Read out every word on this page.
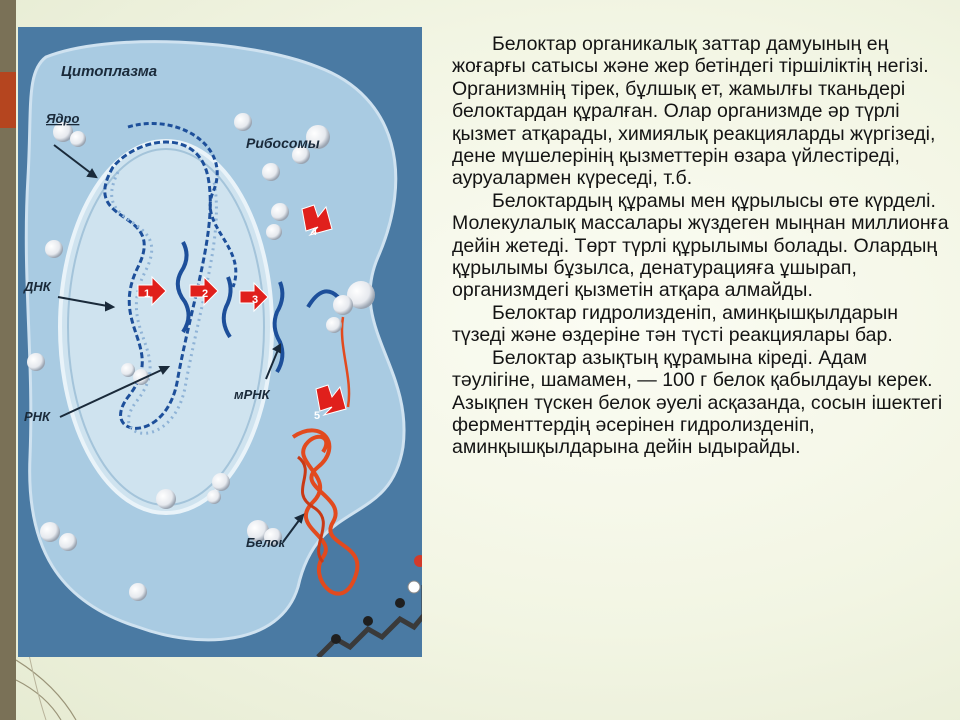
1	2	3
4
5
Цитоплазма
Ядро
Рибосомы
ДНК
РНК
мРНК
Белок

Белоктар органикалық заттар дамуының ең жоғарғы сатысы және жер бетіндегі тіршіліктің негізі. Организмнің тірек, бұлшық ет, жамылғы тканьдері белоктардан құралған. Олар организмде әр түрлі қызмет атқарады, химиялық реакцияларды жүргізеді, дене мүшелерінің қызметтерін өзара үйлестіреді, ауруалармен күреседі, т.б.

Белоктардың құрамы мен құрылысы өте күрделі. Молекулалық массалары жүздеген мыңнан миллионға дейін жетеді. Төрт түрлі құрылымы болады. Олардың құрылымы бұзылса, денатурацияға ұшырап, организмдегі қызметін атқара алмайды.

Белоктар гидролизденіп, аминқышқылдарын түзеді және өздеріне тән түсті реакциялары бар.

Белоктар азықтың құрамына кіреді. Адам тәулігіне, шамамен, — 100 г белок қабылдауы керек. Азықпен түскен белок әуелі асқазанда, сосын ішектегі ферменттердің әсерінен гидролизденіп, аминқышқылдарына дейін ыдырайды.
